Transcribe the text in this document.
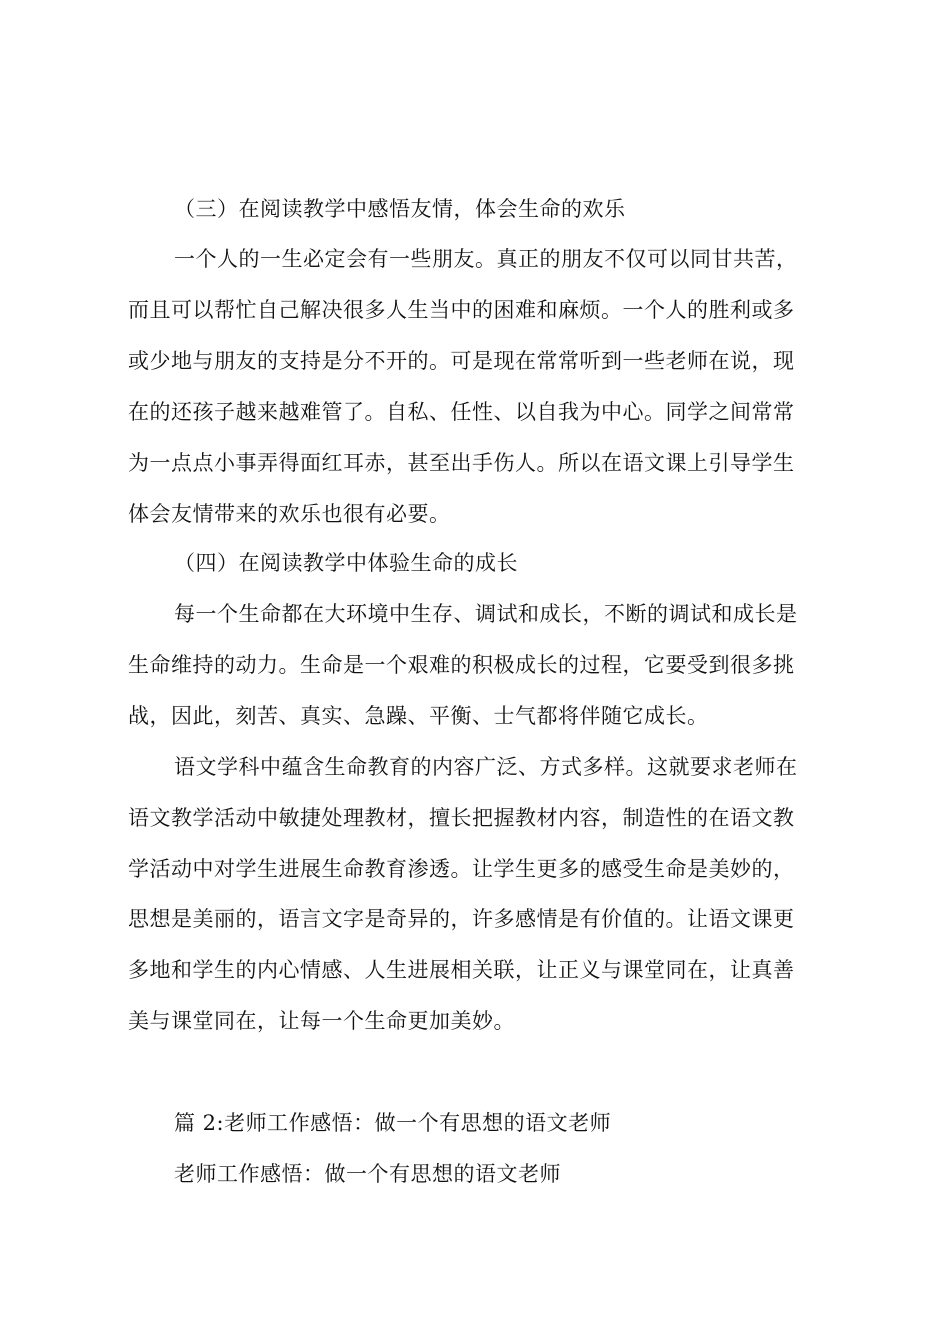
（三）在阅读教学中感悟友情，体会生命的欢乐
一个人的一生必定会有一些朋友。真正的朋友不仅可以同甘共苦，
而且可以帮忙自己解决很多人生当中的困难和麻烦。一个人的胜利或多
或少地与朋友的支持是分不开的。可是现在常常听到一些老师在说，现
在的还孩子越来越难管了。自私、任性、以自我为中心。同学之间常常
为一点点小事弄得面红耳赤，甚至出手伤人。所以在语文课上引导学生
体会友情带来的欢乐也很有必要。
（四）在阅读教学中体验生命的成长
每一个生命都在大环境中生存、调试和成长，不断的调试和成长是
生命维持的动力。生命是一个艰难的积极成长的过程，它要受到很多挑
战，因此，刻苦、真实、急躁、平衡、士气都将伴随它成长。
语文学科中蕴含生命教育的内容广泛、方式多样。这就要求老师在
语文教学活动中敏捷处理教材，擅长把握教材内容，制造性的在语文教
学活动中对学生进展生命教育渗透。让学生更多的感受生命是美妙的，
思想是美丽的，语言文字是奇异的，许多感情是有价值的。让语文课更
多地和学生的内心情感、人生进展相关联，让正义与课堂同在，让真善
美与课堂同在，让每一个生命更加美妙。
篇 2:老师工作感悟：做一个有思想的语文老师
老师工作感悟：做一个有思想的语文老师
